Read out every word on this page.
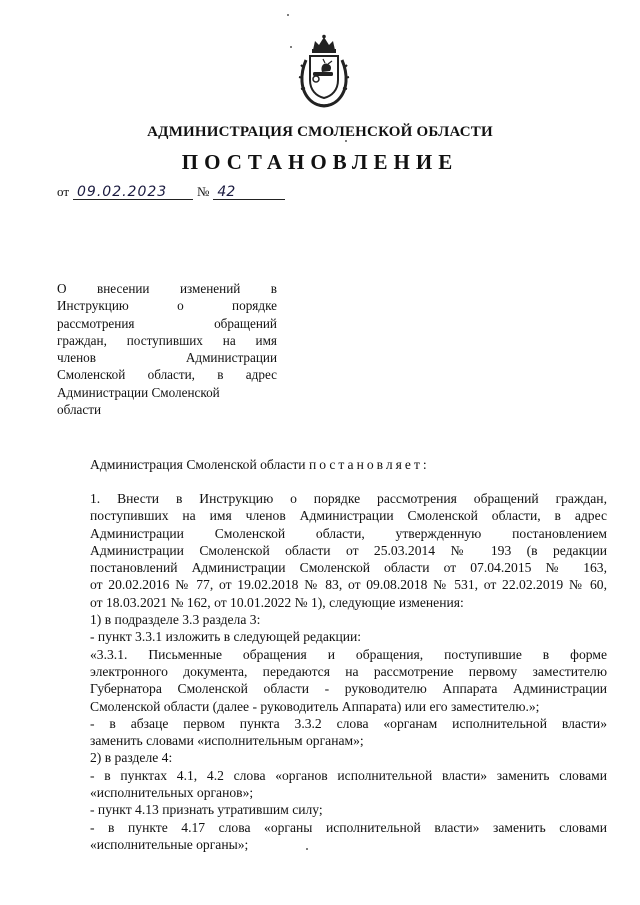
АДМИНИСТРАЦИЯ СМОЛЕНСКОЙ ОБЛАСТИ
ПОСТАНОВЛЕНИЕ
от 09.02.2023	№ 42
О внесении изменений в
Инструкцию о порядке
рассмотрения обращений
граждан, поступивших на имя
членов Администрации
Смоленской области, в адрес
Администрации Смоленской
области
Администрация Смоленской области постановляет:

1. Внести в Инструкцию о порядке рассмотрения обращений граждан,
поступивших на имя членов Администрации Смоленской области, в адрес
Администрации Смоленской области, утвержденную постановлением
Администрации Смоленской области от 25.03.2014 № 193 (в редакции
постановлений Администрации Смоленской области от 07.04.2015 № 163,
от 20.02.2016 № 77, от 19.02.2018 № 83, от 09.08.2018 № 531, от 22.02.2019 № 60,
от 18.03.2021 № 162, от 10.01.2022 № 1), следующие изменения:

1) в подразделе 3.3 раздела 3:

- пункт 3.3.1 изложить в следующей редакции:

«3.3.1. Письменные обращения и обращения, поступившие в форме
электронного документа, передаются на рассмотрение первому заместителю
Губернатора Смоленской области - руководителю Аппарата Администрации
Смоленской области (далее - руководитель Аппарата) или его заместителю.»;

- в абзаце первом пункта 3.3.2 слова «органам исполнительной власти»
заменить словами «исполнительным органам»;

2) в разделе 4:

- в пунктах 4.1, 4.2 слова «органов исполнительной власти» заменить словами
«исполнительных органов»;

- пункт 4.13 признать утратившим силу;

- в пункте 4.17 слова «органы исполнительной власти» заменить словами
«исполнительные органы»;
